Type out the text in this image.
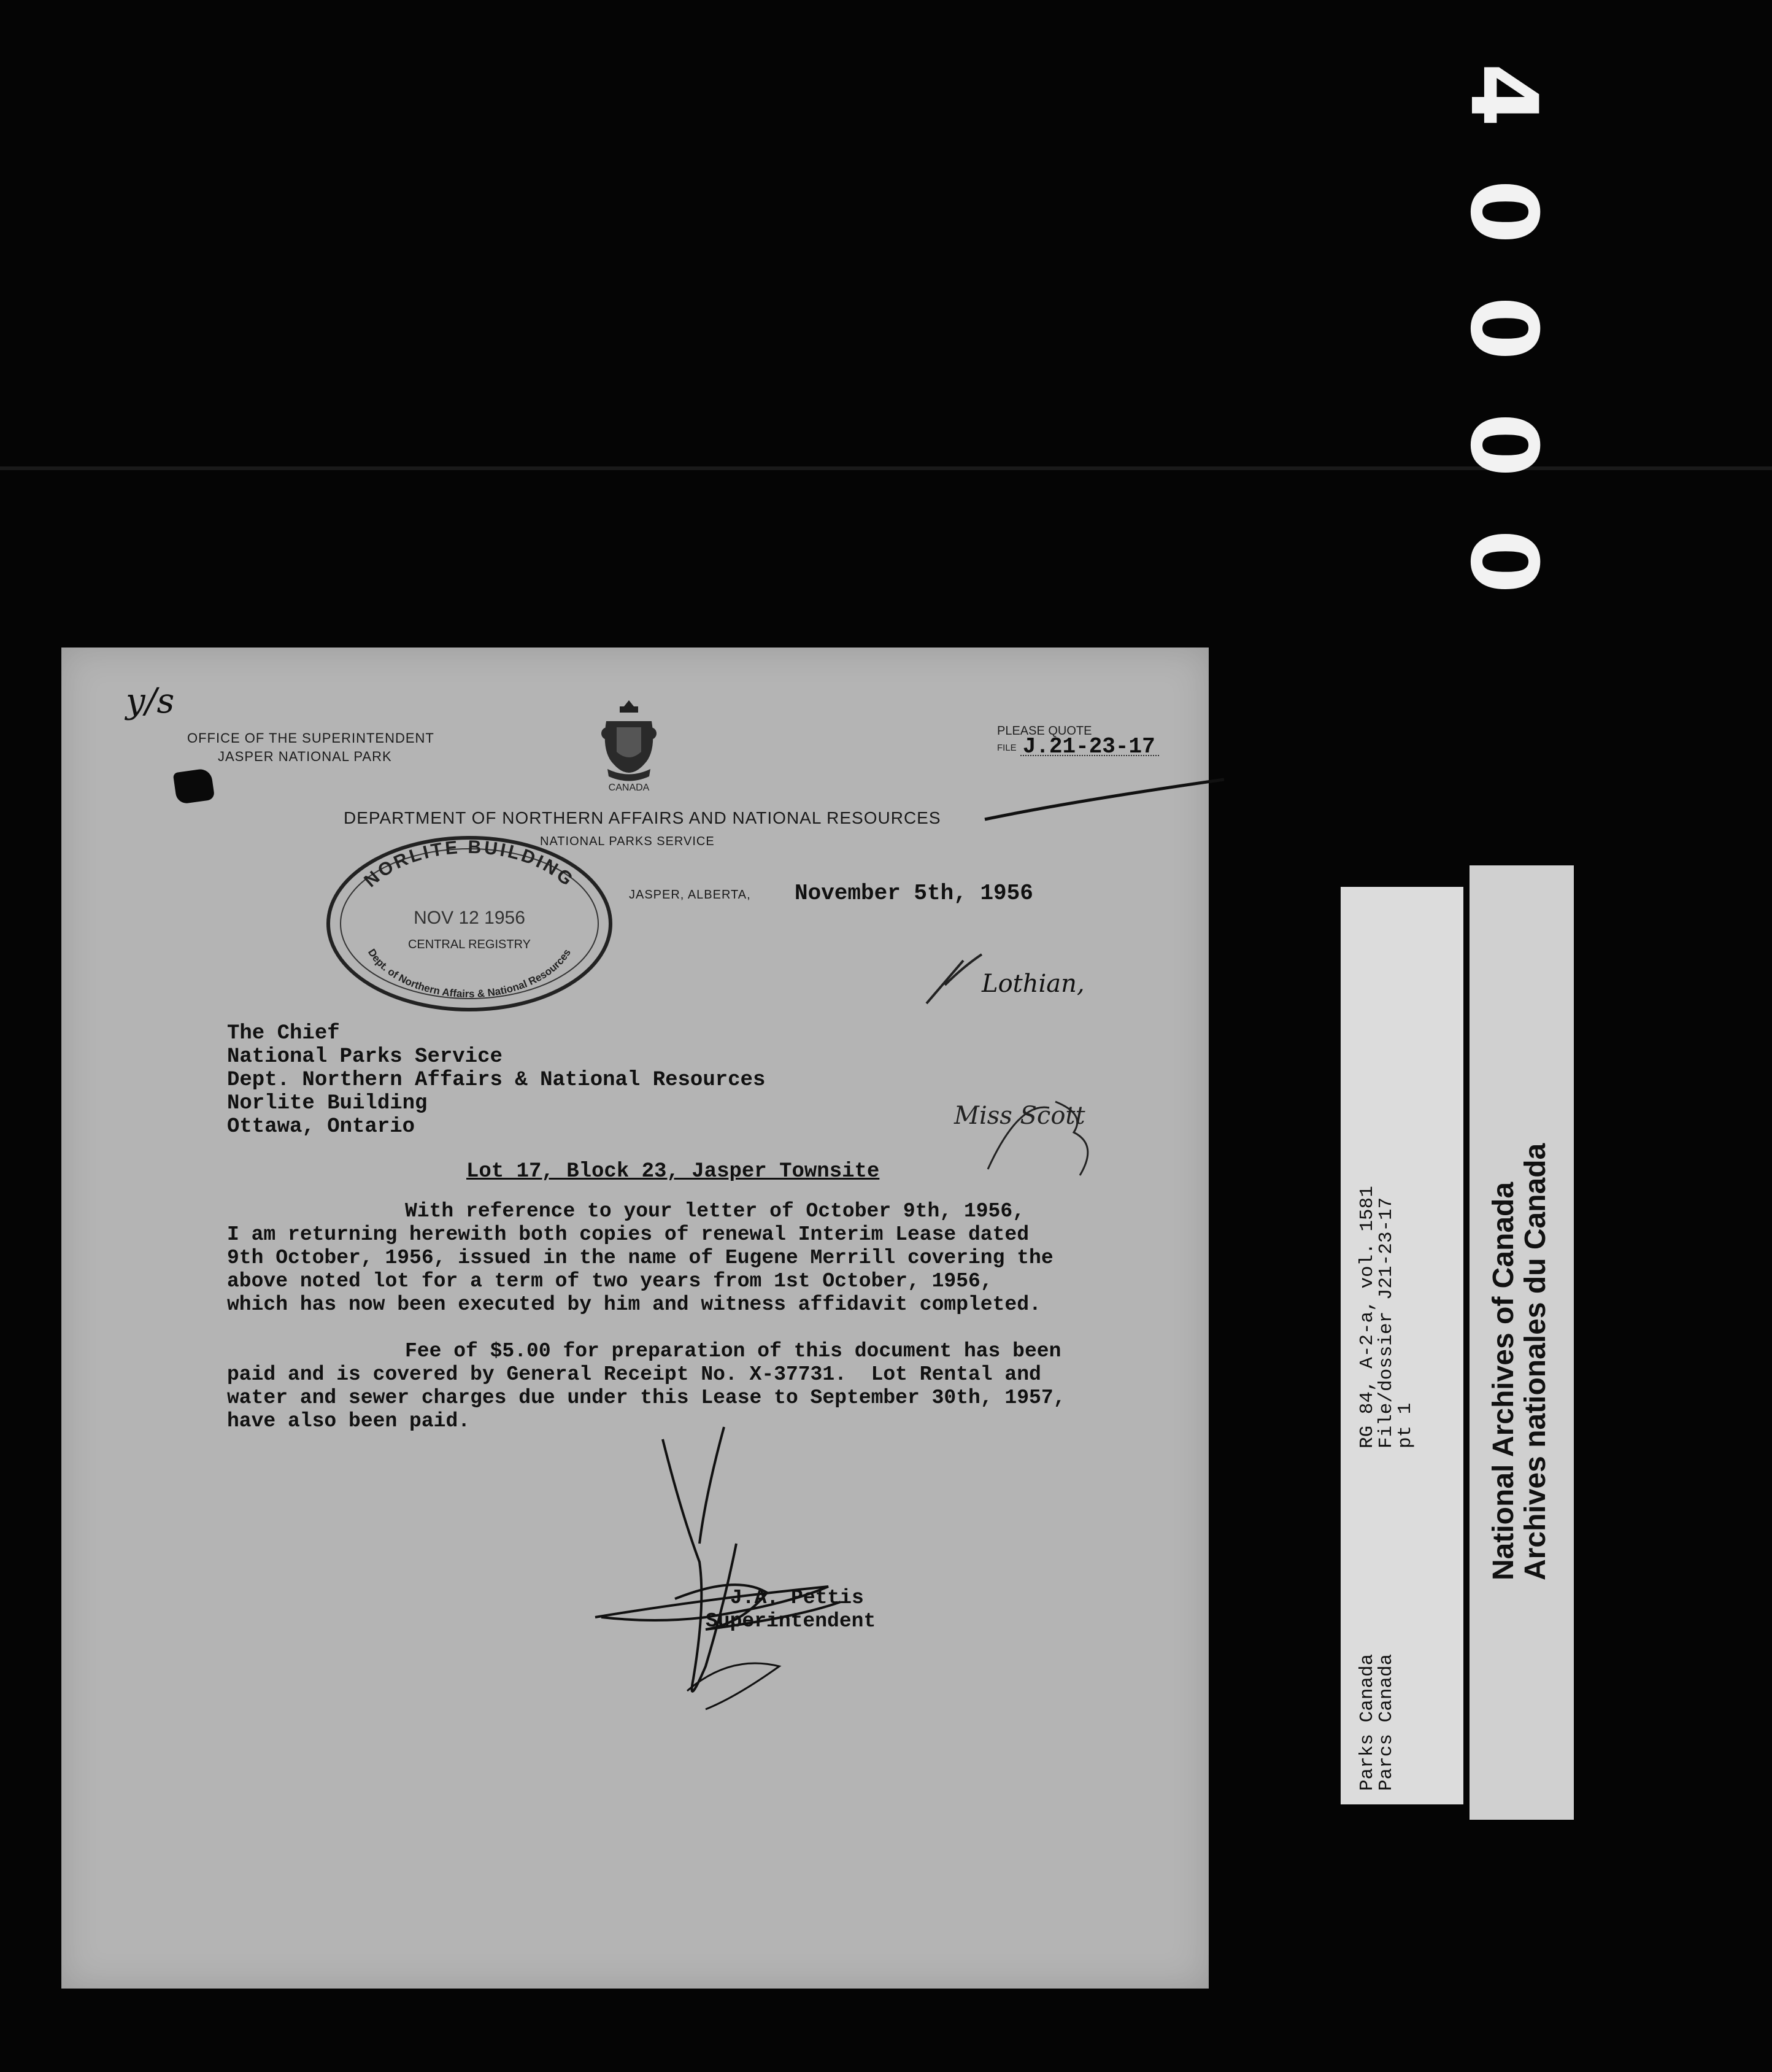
4
0
0
0
0
y/s
OFFICE OF THE SUPERINTENDENT
JASPER NATIONAL PARK
CANADA
PLEASE QUOTE
FILE J.21-23-17
DEPARTMENT OF NORTHERN AFFAIRS AND NATIONAL RESOURCES
NATIONAL PARKS SERVICE
NORLITE BUILDING
NOV 12 1956
CENTRAL REGISTRY
Dept. of Northern Affairs & National Resources
JASPER, ALBERTA, November 5th, 1956
Lothian,
The Chief
National Parks Service
Dept. Northern Affairs & National Resources
Norlite Building
Ottawa, Ontario	Miss Scott
Lot 17, Block 23, Jasper Townsite

With reference to your letter of October 9th, 1956,
I am returning herewith both copies of renewal Interim Lease dated
9th October, 1956, issued in the name of Eugene Merrill covering the
above noted lot for a term of two years from 1st October, 1956,
which has now been executed by him and witness affidavit completed.

Fee of $5.00 for preparation of this document has been
paid and is covered by General Receipt No. X-37731.  Lot Rental and
water and sewer charges due under this Lease to September 30th, 1957,
have also been paid.

J.A. Pettis
Superintendent
Parks Canada
Parcs Canada
RG 84, A-2-a, vol. 1581
File/dossier J21-23-17
pt 1 National Archives of Canada Archives nationales du Canada
